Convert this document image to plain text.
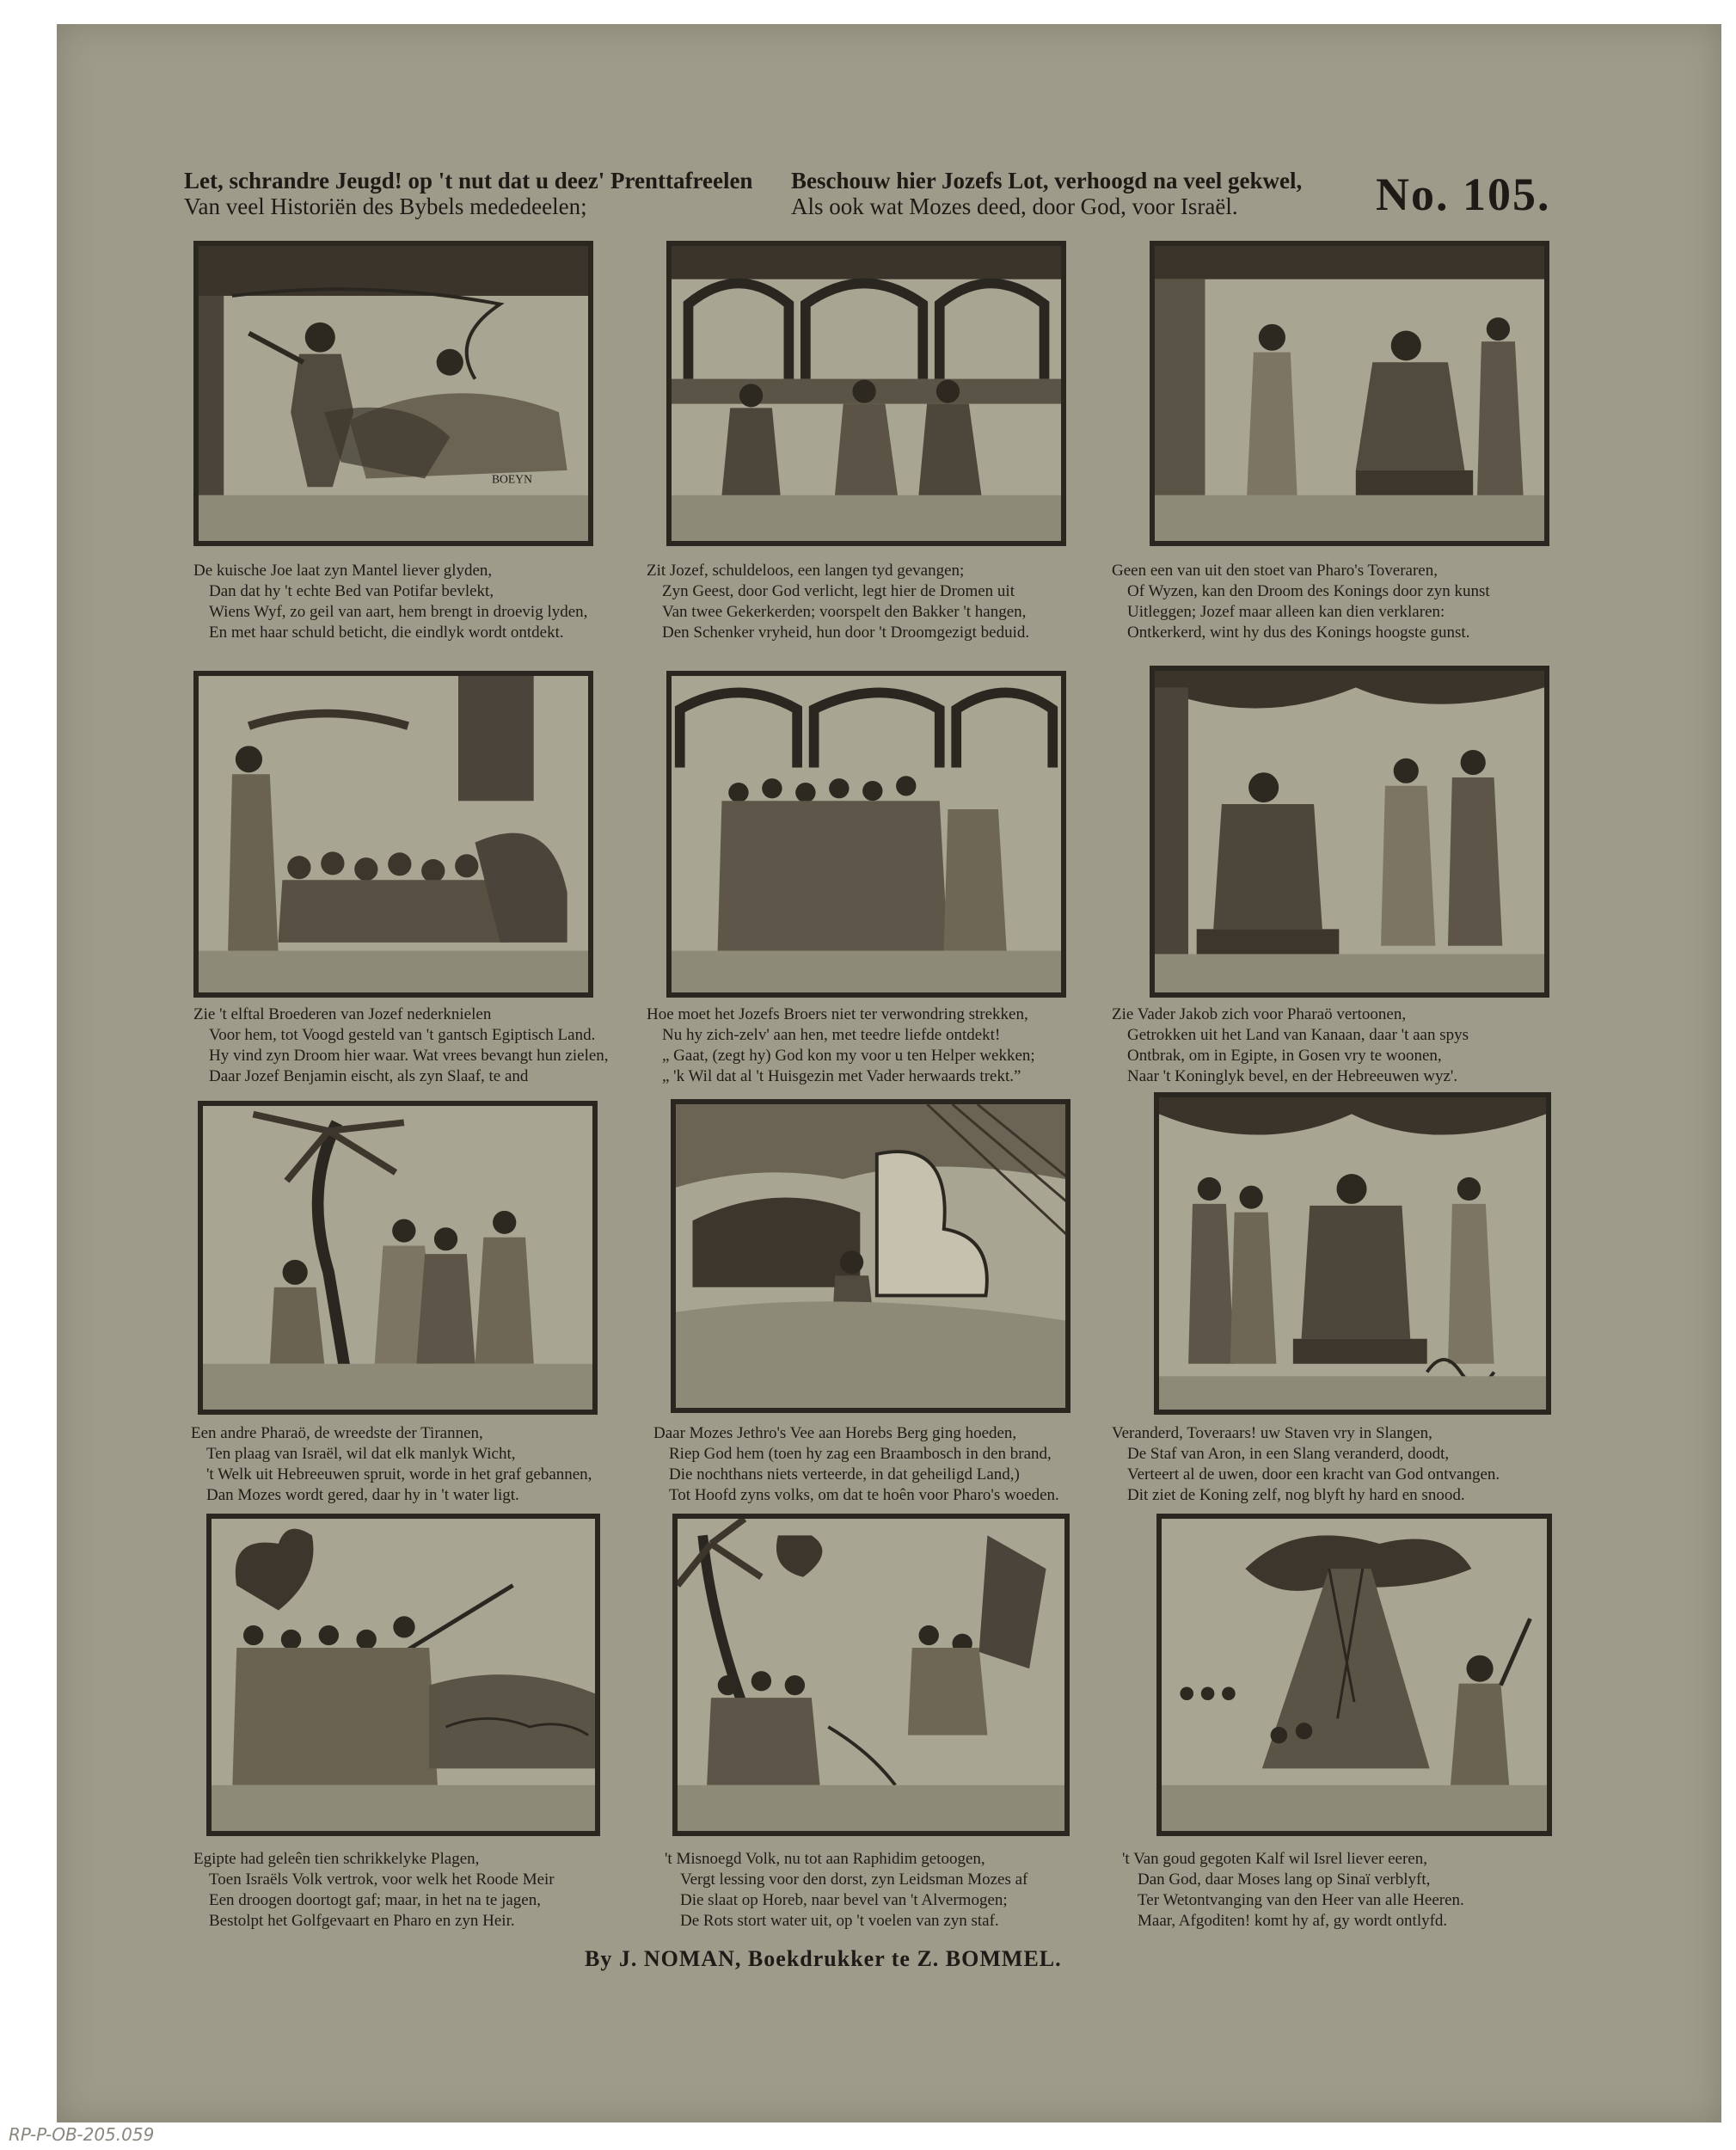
Let, schrandre Jeugd! op 't nut dat u deez' Prenttafreelen
Van veel Historiën des Bybels mededeelen;
Beschouw hier Jozefs Lot, verhoogd na veel gekwel,
Als ook wat Mozes deed, door God, voor Israël.	No. 105.
BOEYN
De kuische Joe laat zyn Mantel liever glyden,
Dan dat hy 't echte Bed van Potifar bevlekt,
Wiens Wyf, zo geil van aart, hem brengt in droevig lyden,
En met haar schuld beticht, die eindlyk wordt ontdekt.
Zit Jozef, schuldeloos, een langen tyd gevangen;
Zyn Geest, door God verlicht, legt hier de Dromen uit
Van twee Gekerkerden; voorspelt den Bakker 't hangen,
Den Schenker vryheid, hun door 't Droomgezigt beduid.
Geen een van uit den stoet van Pharo's Toveraren,
Of Wyzen, kan den Droom des Konings door zyn kunst
Uitleggen; Jozef maar alleen kan dien verklaren:
Ontkerkerd, wint hy dus des Konings hoogste gunst.
Zie 't elftal Broederen van Jozef nederknielen
Voor hem, tot Voogd gesteld van 't gantsch Egiptisch Land.
Hy vind zyn Droom hier waar. Wat vrees bevangt hun zielen,
Daar Jozef Benjamin eischt, als zyn Slaaf, te and
Hoe moet het Jozefs Broers niet ter verwondring strekken,
Nu hy zich-zelv' aan hen, met teedre liefde ontdekt!
„ Gaat, (zegt hy) God kon my voor u ten Helper wekken;
„ 'k Wil dat al 't Huisgezin met Vader herwaards trekt.”
Zie Vader Jakob zich voor Pharaö vertoonen,
Getrokken uit het Land van Kanaan, daar 't aan spys
Ontbrak, om in Egipte, in Gosen vry te woonen,
Naar 't Koninglyk bevel, en der Hebreeuwen wyz'.
Een andre Pharaö, de wreedste der Tirannen,
Ten plaag van Israël, wil dat elk manlyk Wicht,
't Welk uit Hebreeuwen spruit, worde in het graf gebannen,
Dan Mozes wordt gered, daar hy in 't water ligt.
Daar Mozes Jethro's Vee aan Horebs Berg ging hoeden,
Riep God hem (toen hy zag een Braambosch in den brand,
Die nochthans niets verteerde, in dat geheiligd Land,)
Tot Hoofd zyns volks, om dat te hoên voor Pharo's woeden.
Veranderd, Toveraars! uw Staven vry in Slangen,
De Staf van Aron, in een Slang veranderd, doodt,
Verteert al de uwen, door een kracht van God ontvangen.
Dit ziet de Koning zelf, nog blyft hy hard en snood.
Egipte had geleên tien schrikkelyke Plagen,
Toen Israëls Volk vertrok, voor welk het Roode Meir
Een droogen doortogt gaf; maar, in het na te jagen,
Bestolpt het Golfgevaart en Pharo en zyn Heir.
't Misnoegd Volk, nu tot aan Raphidim getoogen,
Vergt lessing voor den dorst, zyn Leidsman Mozes af
Die slaat op Horeb, naar bevel van 't Alvermogen;
De Rots stort water uit, op 't voelen van zyn staf.
't Van goud gegoten Kalf wil Isrel liever eeren,
Dan God, daar Moses lang op Sinaï verblyft,
Ter Wetontvanging van den Heer van alle Heeren.
Maar, Afgoditen! komt hy af, gy wordt ontlyfd.
By J. NOMAN, Boekdrukker te Z. BOMMEL.
RP-P-OB-205.059
